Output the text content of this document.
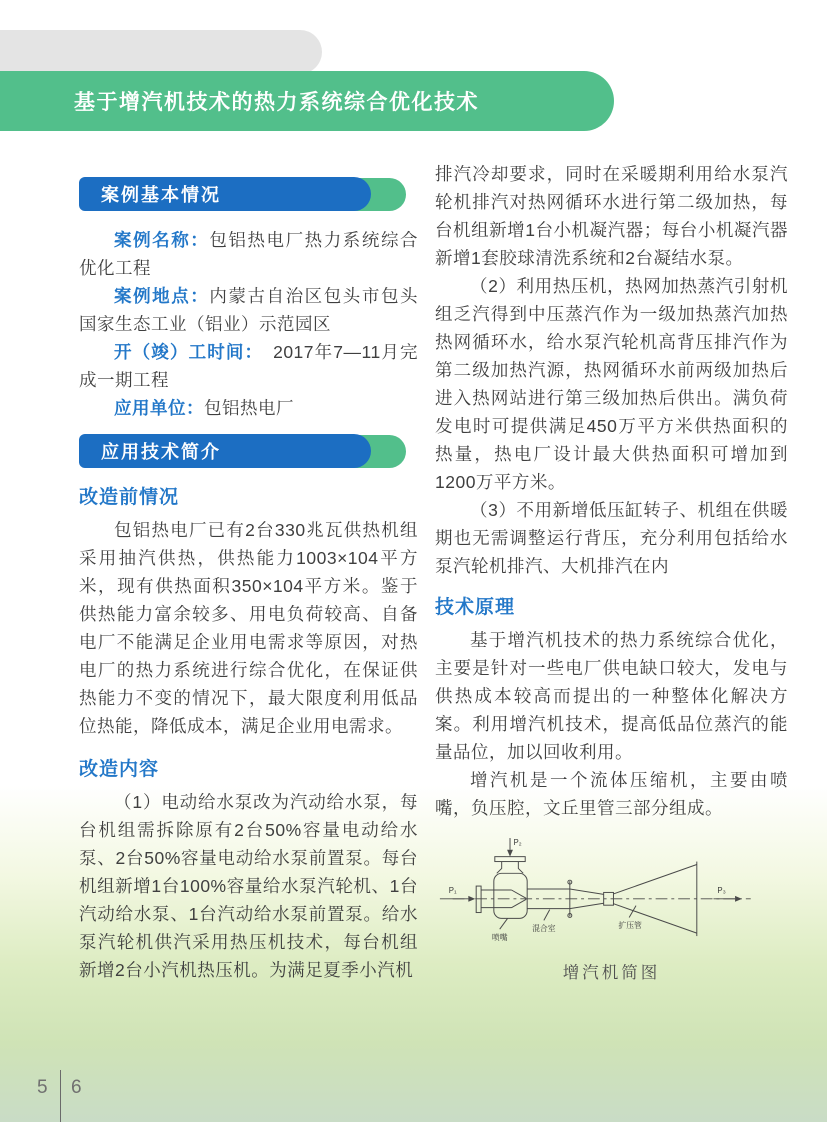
基于增汽机技术的热力系统综合优化技术
案例基本情况

案例名称：包铝热电厂热力系统综合优化工程

案例地点：内蒙古自治区包头市包头国家生态工业（铝业）示范园区

开（竣）工时间：　2017年7—11月完成一期工程

应用单位：包铝热电厂

应用技术简介
改造前情况

包铝热电厂已有2台330兆瓦供热机组采用抽汽供热，供热能力1003×104平方米，现有供热面积350×104平方米。鉴于供热能力富余较多、用电负荷较高、自备电厂不能满足企业用电需求等原因，对热电厂的热力系统进行综合优化，在保证供热能力不变的情况下，最大限度利用低品位热能，降低成本，满足企业用电需求。

改造内容

（1）电动给水泵改为汽动给水泵，每台机组需拆除原有2台50%容量电动给水泵、2台50%容量电动给水泵前置泵。每台机组新增1台100%容量给水泵汽轮机、1台汽动给水泵、1台汽动给水泵前置泵。给水泵汽轮机供汽采用热压机技术，每台机组新增2台小汽机热压机。为满足夏季小汽机

排汽冷却要求，同时在采暖期利用给水泵汽轮机排汽对热网循环水进行第二级加热，每台机组新增1台小机凝汽器；每台小机凝汽器新增1套胶球清洗系统和2台凝结水泵。

（2）利用热压机，热网加热蒸汽引射机组乏汽得到中压蒸汽作为一级加热蒸汽加热热网循环水，给水泵汽轮机高背压排汽作为第二级加热汽源，热网循环水前两级加热后进入热网站进行第三级加热后供出。满负荷发电时可提供满足450万平方米供热面积的热量，热电厂设计最大供热面积可增加到1200万平方米。

（3）不用新增低压缸转子、机组在供暖期也无需调整运行背压，充分利用包括给水泵汽轮机排汽、大机排汽在内

技术原理

基于增汽机技术的热力系统综合优化，主要是针对一些电厂供电缺口较大，发电与供热成本较高而提出的一种整体化解决方案。利用增汽机技术，提高低品位蒸汽的能量品位，加以回收利用。

增汽机是一个流体压缩机，主要由喷嘴，负压腔，文丘里管三部分组成。

P₁
P₂
P₃
喷嘴
混合室	扩压管
增汽机简图
5 6
